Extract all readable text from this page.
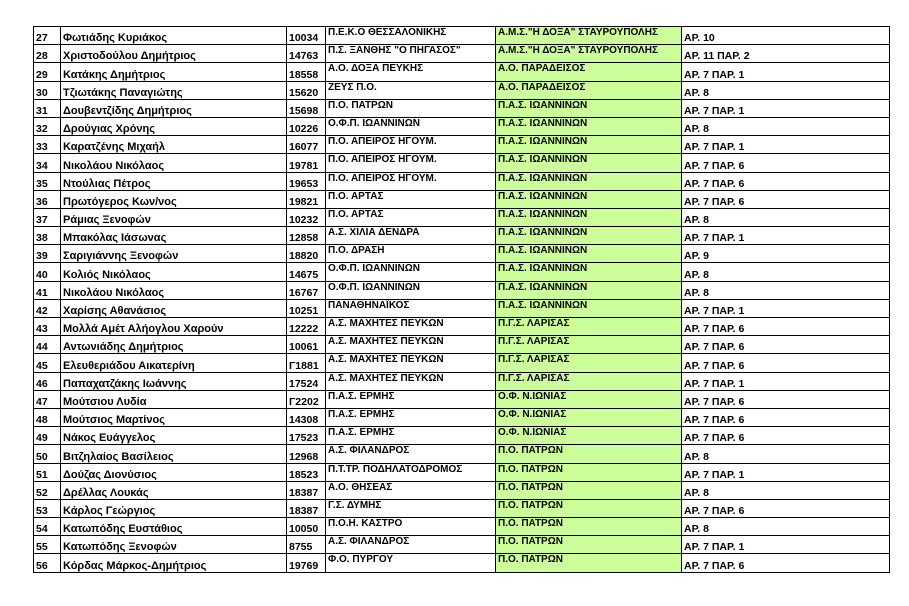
27	Φωτιάδης Κυριάκος	10034	Π.Ε.Κ.Ο ΘΕΣΣΑΛΟΝΙΚΗΣ	Α.Μ.Σ."Η ΔΟΞΑ" ΣΤΑΥΡΟΥΠΟΛΗΣ	ΑΡ. 10
28	Χριστοδούλου Δημήτριος	14763	Π.Σ. ΞΑΝΘΗΣ "Ο ΠΗΓΑΣΟΣ"	Α.Μ.Σ."Η ΔΟΞΑ" ΣΤΑΥΡΟΥΠΟΛΗΣ	ΑΡ. 11 ΠΑΡ. 2
29	Κατάκης Δημήτριος	18558	Α.Ο. ΔΟΞΑ ΠΕΥΚΗΣ	Α.Ο. ΠΑΡΑΔΕΙΣΟΣ	ΑΡ. 7 ΠΑΡ. 1
30	Τζιωτάκης Παναγιώτης	15620	ΖΕΥΣ Π.Ο.	Α.Ο. ΠΑΡΑΔΕΙΣΟΣ	ΑΡ. 8
31	Δουβεντζίδης Δημήτριος	15698	Π.Ο. ΠΑΤΡΩΝ	Π.Α.Σ. ΙΩΑΝΝΙΝΩΝ	ΑΡ. 7 ΠΑΡ. 1
32	Δρούγιας Χρόνης	10226	Ο.Φ.Π. ΙΩΑΝΝΙΝΩΝ	Π.Α.Σ. ΙΩΑΝΝΙΝΩΝ	ΑΡ. 8
33	Καρατζένης Μιχαήλ	16077	Π.Ο. ΑΠΕΙΡΟΣ ΗΓΟΥΜ.	Π.Α.Σ. ΙΩΑΝΝΙΝΩΝ	ΑΡ. 7 ΠΑΡ. 1
34	Νικολάου Νικόλαος	19781	Π.Ο. ΑΠΕΙΡΟΣ ΗΓΟΥΜ.	Π.Α.Σ. ΙΩΑΝΝΙΝΩΝ	ΑΡ. 7 ΠΑΡ. 6
35	Ντούλιας Πέτρος	19653	Π.Ο. ΑΠΕΙΡΟΣ ΗΓΟΥΜ.	Π.Α.Σ. ΙΩΑΝΝΙΝΩΝ	ΑΡ. 7 ΠΑΡ. 6
36	Πρωτόγερος Κων/νος	19821	Π.Ο. ΑΡΤΑΣ	Π.Α.Σ. ΙΩΑΝΝΙΝΩΝ	ΑΡ. 7 ΠΑΡ. 6
37	Ράμιας Ξενοφών	10232	Π.Ο. ΑΡΤΑΣ	Π.Α.Σ. ΙΩΑΝΝΙΝΩΝ	ΑΡ. 8
38	Μπακόλας Ιάσωνας	12858	Α.Σ. ΧΙΛΙΑ ΔΕΝΔΡΑ	Π.Α.Σ. ΙΩΑΝΝΙΝΩΝ	ΑΡ. 7 ΠΑΡ. 1
39	Σαριγιάννης Ξενοφών	18820	Π.Ο. ΔΡΑΣΗ	Π.Α.Σ. ΙΩΑΝΝΙΝΩΝ	ΑΡ. 9
40	Κολιός Νικόλαος	14675	Ο.Φ.Π. ΙΩΑΝΝΙΝΩΝ	Π.Α.Σ. ΙΩΑΝΝΙΝΩΝ	ΑΡ. 8
41	Νικολάου Νικόλαος	16767	Ο.Φ.Π. ΙΩΑΝΝΙΝΩΝ	Π.Α.Σ. ΙΩΑΝΝΙΝΩΝ	ΑΡ. 8
42	Χαρίσης Αθανάσιος	10251	ΠΑΝΑΘΗΝΑΪΚΟΣ	Π.Α.Σ. ΙΩΑΝΝΙΝΩΝ	ΑΡ. 7 ΠΑΡ. 1
43	Μολλά Αμέτ Αλήογλου Χαρούν	12222	Α.Σ. ΜΑΧΗΤΕΣ ΠΕΥΚΩΝ	Π.Γ.Σ. ΛΑΡΙΣΑΣ	ΑΡ. 7 ΠΑΡ. 6
44	Αντωνιάδης Δημήτριος	10061	Α.Σ. ΜΑΧΗΤΕΣ ΠΕΥΚΩΝ	Π.Γ.Σ. ΛΑΡΙΣΑΣ	ΑΡ. 7 ΠΑΡ. 6
45	Ελευθεριάδου Αικατερίνη	Γ1881	Α.Σ. ΜΑΧΗΤΕΣ ΠΕΥΚΩΝ	Π.Γ.Σ. ΛΑΡΙΣΑΣ	ΑΡ. 7 ΠΑΡ. 6
46	Παπαχατζάκης Ιωάννης	17524	Α.Σ. ΜΑΧΗΤΕΣ ΠΕΥΚΩΝ	Π.Γ.Σ. ΛΑΡΙΣΑΣ	ΑΡ. 7 ΠΑΡ. 1
47	Μούτσιου Λυδία	Γ2202	Π.Α.Σ. ΕΡΜΗΣ	Ο.Φ. Ν.ΙΩΝΙΑΣ	ΑΡ. 7 ΠΑΡ. 6
48	Μούτσιος Μαρτίνος	14308	Π.Α.Σ. ΕΡΜΗΣ	Ο.Φ. Ν.ΙΩΝΙΑΣ	ΑΡ. 7 ΠΑΡ. 6
49	Νάκος Ευάγγελος	17523	Π.Α.Σ. ΕΡΜΗΣ	Ο.Φ. Ν.ΙΩΝΙΑΣ	ΑΡ. 7 ΠΑΡ. 6
50	Βιτζηλαίος Βασίλειος	12968	Α.Σ. ΦΙΛΑΝΔΡΟΣ	Π.Ο. ΠΑΤΡΩΝ	ΑΡ. 8
51	Δούζας Διονύσιος	18523	Π.Τ.ΤΡ. ΠΟΔΗΛΑΤΟΔΡΟΜΟΣ	Π.Ο. ΠΑΤΡΩΝ	ΑΡ. 7 ΠΑΡ. 1
52	Δρέλλας Λουκάς	18387	Α.Ο. ΘΗΣΕΑΣ	Π.Ο. ΠΑΤΡΩΝ	ΑΡ. 8
53	Κάρλος Γεώργιος	18387	Γ.Σ. ΔΥΜΗΣ	Π.Ο. ΠΑΤΡΩΝ	ΑΡ. 7 ΠΑΡ. 6
54	Κατωπόδης Ευστάθιος	10050	Π.Ο.Η. ΚΑΣΤΡΟ	Π.Ο. ΠΑΤΡΩΝ	ΑΡ. 8
55	Κατωπόδης Ξενοφών	8755	Α.Σ. ΦΙΛΑΝΔΡΟΣ	Π.Ο. ΠΑΤΡΩΝ	ΑΡ. 7 ΠΑΡ. 1
56	Κόρδας Μάρκος-Δημήτριος	19769	Φ.Ο. ΠΥΡΓΟΥ	Π.Ο. ΠΑΤΡΩΝ	ΑΡ. 7 ΠΑΡ. 6
